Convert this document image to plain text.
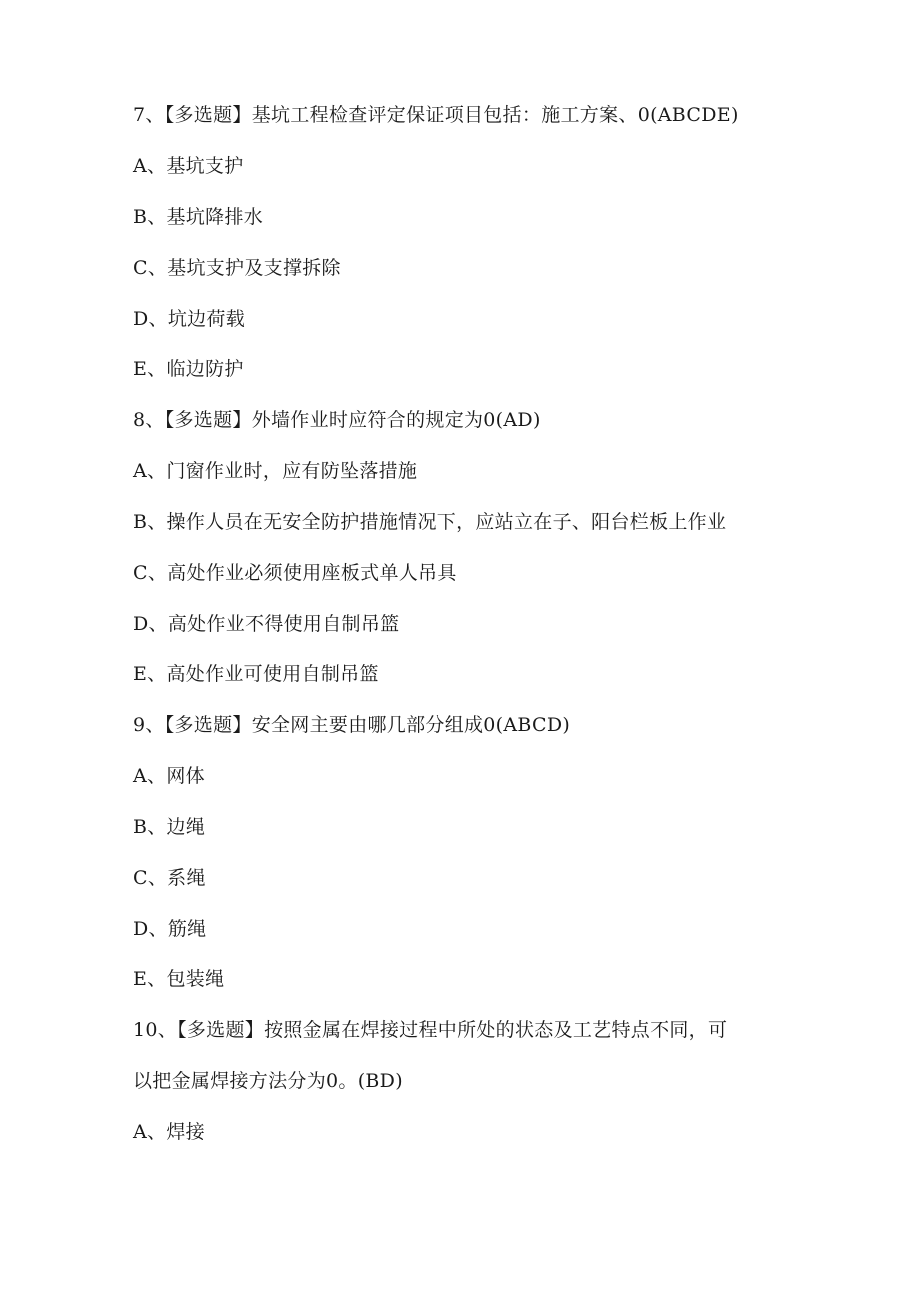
7、【多选题】基坑工程检查评定保证项目包括：施工方案、0(ABCDE)
A、基坑支护
B、基坑降排水
C、基坑支护及支撑拆除
D、坑边荷载
E、临边防护
8、【多选题】外墙作业时应符合的规定为0(AD)
A、门窗作业时，应有防坠落措施
B、操作人员在无安全防护措施情况下，应站立在子、阳台栏板上作业
C、高处作业必须使用座板式单人吊具
D、高处作业不得使用自制吊篮
E、高处作业可使用自制吊篮
9、【多选题】安全网主要由哪几部分组成0(ABCD)
A、网体
B、边绳
C、系绳
D、筋绳
E、包装绳
10、【多选题】按照金属在焊接过程中所处的状态及工艺特点不同，可
以把金属焊接方法分为0。(BD)
A、焊接
